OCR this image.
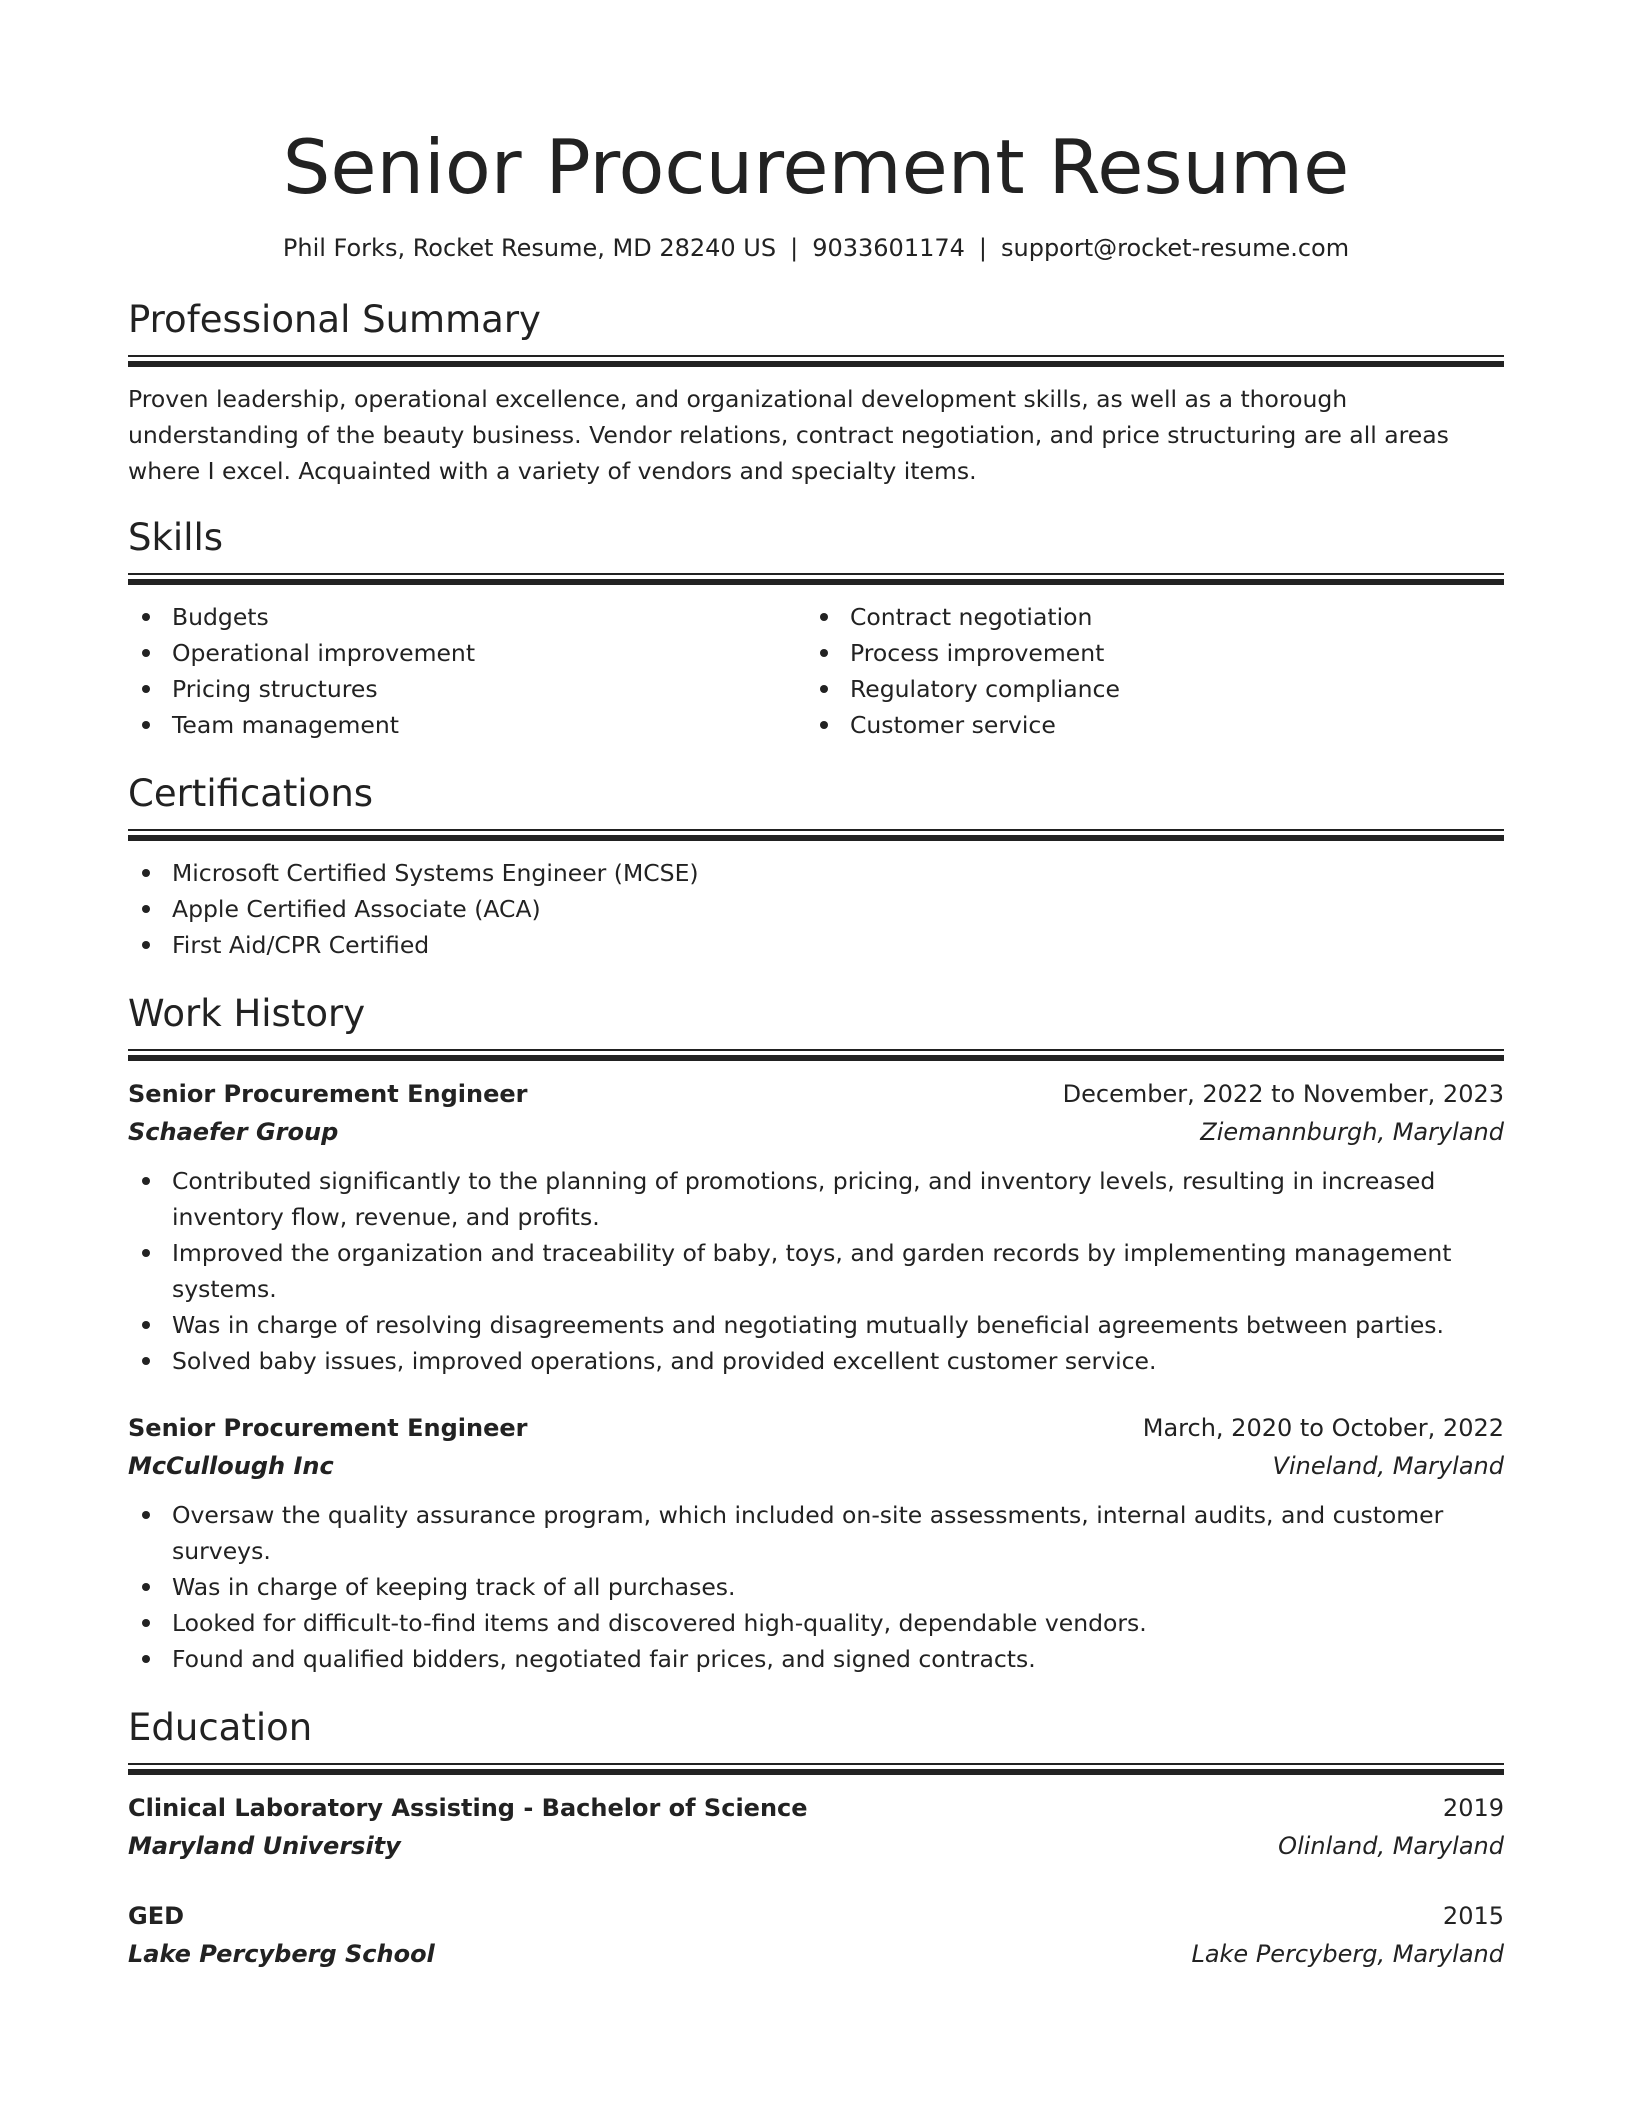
Senior Procurement Resume
Phil Forks, Rocket Resume, MD 28240 US | 9033601174 | support@rocket-resume.com
Professional Summary
Proven leadership, operational excellence, and organizational development skills, as well as a thorough understanding of the beauty business. Vendor relations, contract negotiation, and price structuring are all areas where I excel. Acquainted with a variety of vendors and specialty items.
Skills
Budgets
Operational improvement
Pricing structures
Team management
Contract negotiation
Process improvement
Regulatory compliance
Customer service
Certifications
Microsoft Certified Systems Engineer (MCSE)
Apple Certified Associate (ACA)
First Aid/CPR Certified
Work History
Senior Procurement Engineer	December, 2022 to November, 2023
Schaefer Group	Ziemannburgh, Maryland
Contributed significantly to the planning of promotions, pricing, and inventory levels, resulting in increased inventory flow, revenue, and profits.
Improved the organization and traceability of baby, toys, and garden records by implementing management systems.
Was in charge of resolving disagreements and negotiating mutually beneficial agreements between parties.
Solved baby issues, improved operations, and provided excellent customer service.
Senior Procurement Engineer	March, 2020 to October, 2022
McCullough Inc	Vineland, Maryland
Oversaw the quality assurance program, which included on-site assessments, internal audits, and customer surveys.
Was in charge of keeping track of all purchases.
Looked for difficult-to-find items and discovered high-quality, dependable vendors.
Found and qualified bidders, negotiated fair prices, and signed contracts.
Education
Clinical Laboratory Assisting - Bachelor of Science	2019
Maryland University	Olinland, Maryland
GED	2015
Lake Percyberg School	Lake Percyberg, Maryland
